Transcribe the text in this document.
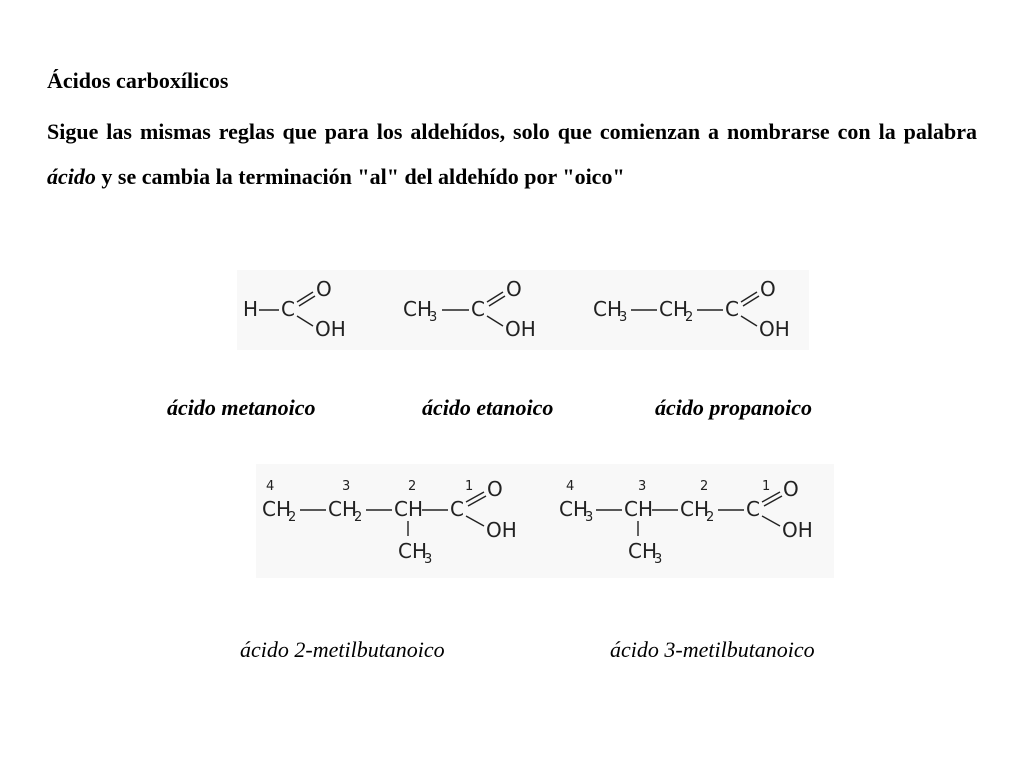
Ácidos carboxílicos
Sigue las mismas reglas que para los aldehídos, solo que comienzan a nombrarse con la palabra ácido y se cambia la terminación "al" del aldehído por "oico"
H C
O
OH
CH
3 C
O
OH
CH
3 CH
2 C
O
OH
ácido metanoico	ácido etanoico	ácido propanoico
4	3	2	1
CH
2 CH
2 CH C
O
OH
CH
3
4	3	2	1
CH
3 CH CH
2 C
O
OH
CH
3
ácido 2-metilbutanoico	ácido 3-metilbutanoico
